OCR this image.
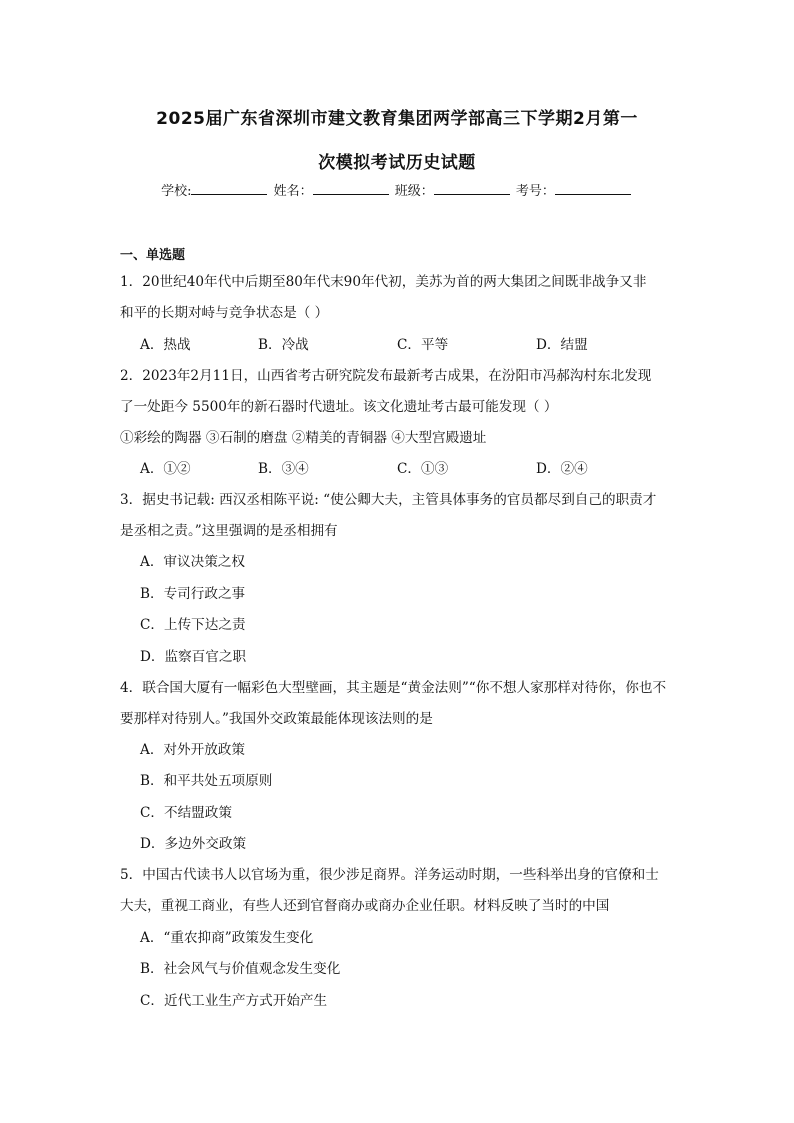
2025届广东省深圳市建文教育集团两学部高三下学期2月第一
次模拟考试历史试题
学校:	姓名：	班级：	考号：
一、单选题
1．20世纪40年代中后期至80年代末90年代初，美苏为首的两大集团之间既非战争又非
和平的长期对峙与竞争状态是（ ）
A．热战	B．冷战	C．平等	D．结盟
2．2023年2月11日，山西省考古研究院发布最新考古成果，在汾阳市冯郝沟村东北发现
了一处距今 5500年的新石器时代遗址。该文化遗址考古最可能发现（ ）
①彩绘的陶器 ③石制的磨盘 ②精美的青铜器 ④大型宫殿遗址
A．①②	B．③④	C．①③	D．②④
3．据史书记载: 西汉丞相陈平说: “使公卿大夫，主管具体事务的官员都尽到自己的职责才
是丞相之责。”这里强调的是丞相拥有
A．审议决策之权
B．专司行政之事
C．上传下达之责
D．监察百官之职
4．联合国大厦有一幅彩色大型壁画，其主题是“黄金法则”“你不想人家那样对待你，你也不
要那样对待别人。”我国外交政策最能体现该法则的是
A．对外开放政策
B．和平共处五项原则
C．不结盟政策
D．多边外交政策
5．中国古代读书人以官场为重，很少涉足商界。洋务运动时期，一些科举出身的官僚和士
大夫，重视工商业，有些人还到官督商办或商办企业任职。材料反映了当时的中国
A．“重农抑商”政策发生变化
B．社会风气与价值观念发生变化
C．近代工业生产方式开始产生
